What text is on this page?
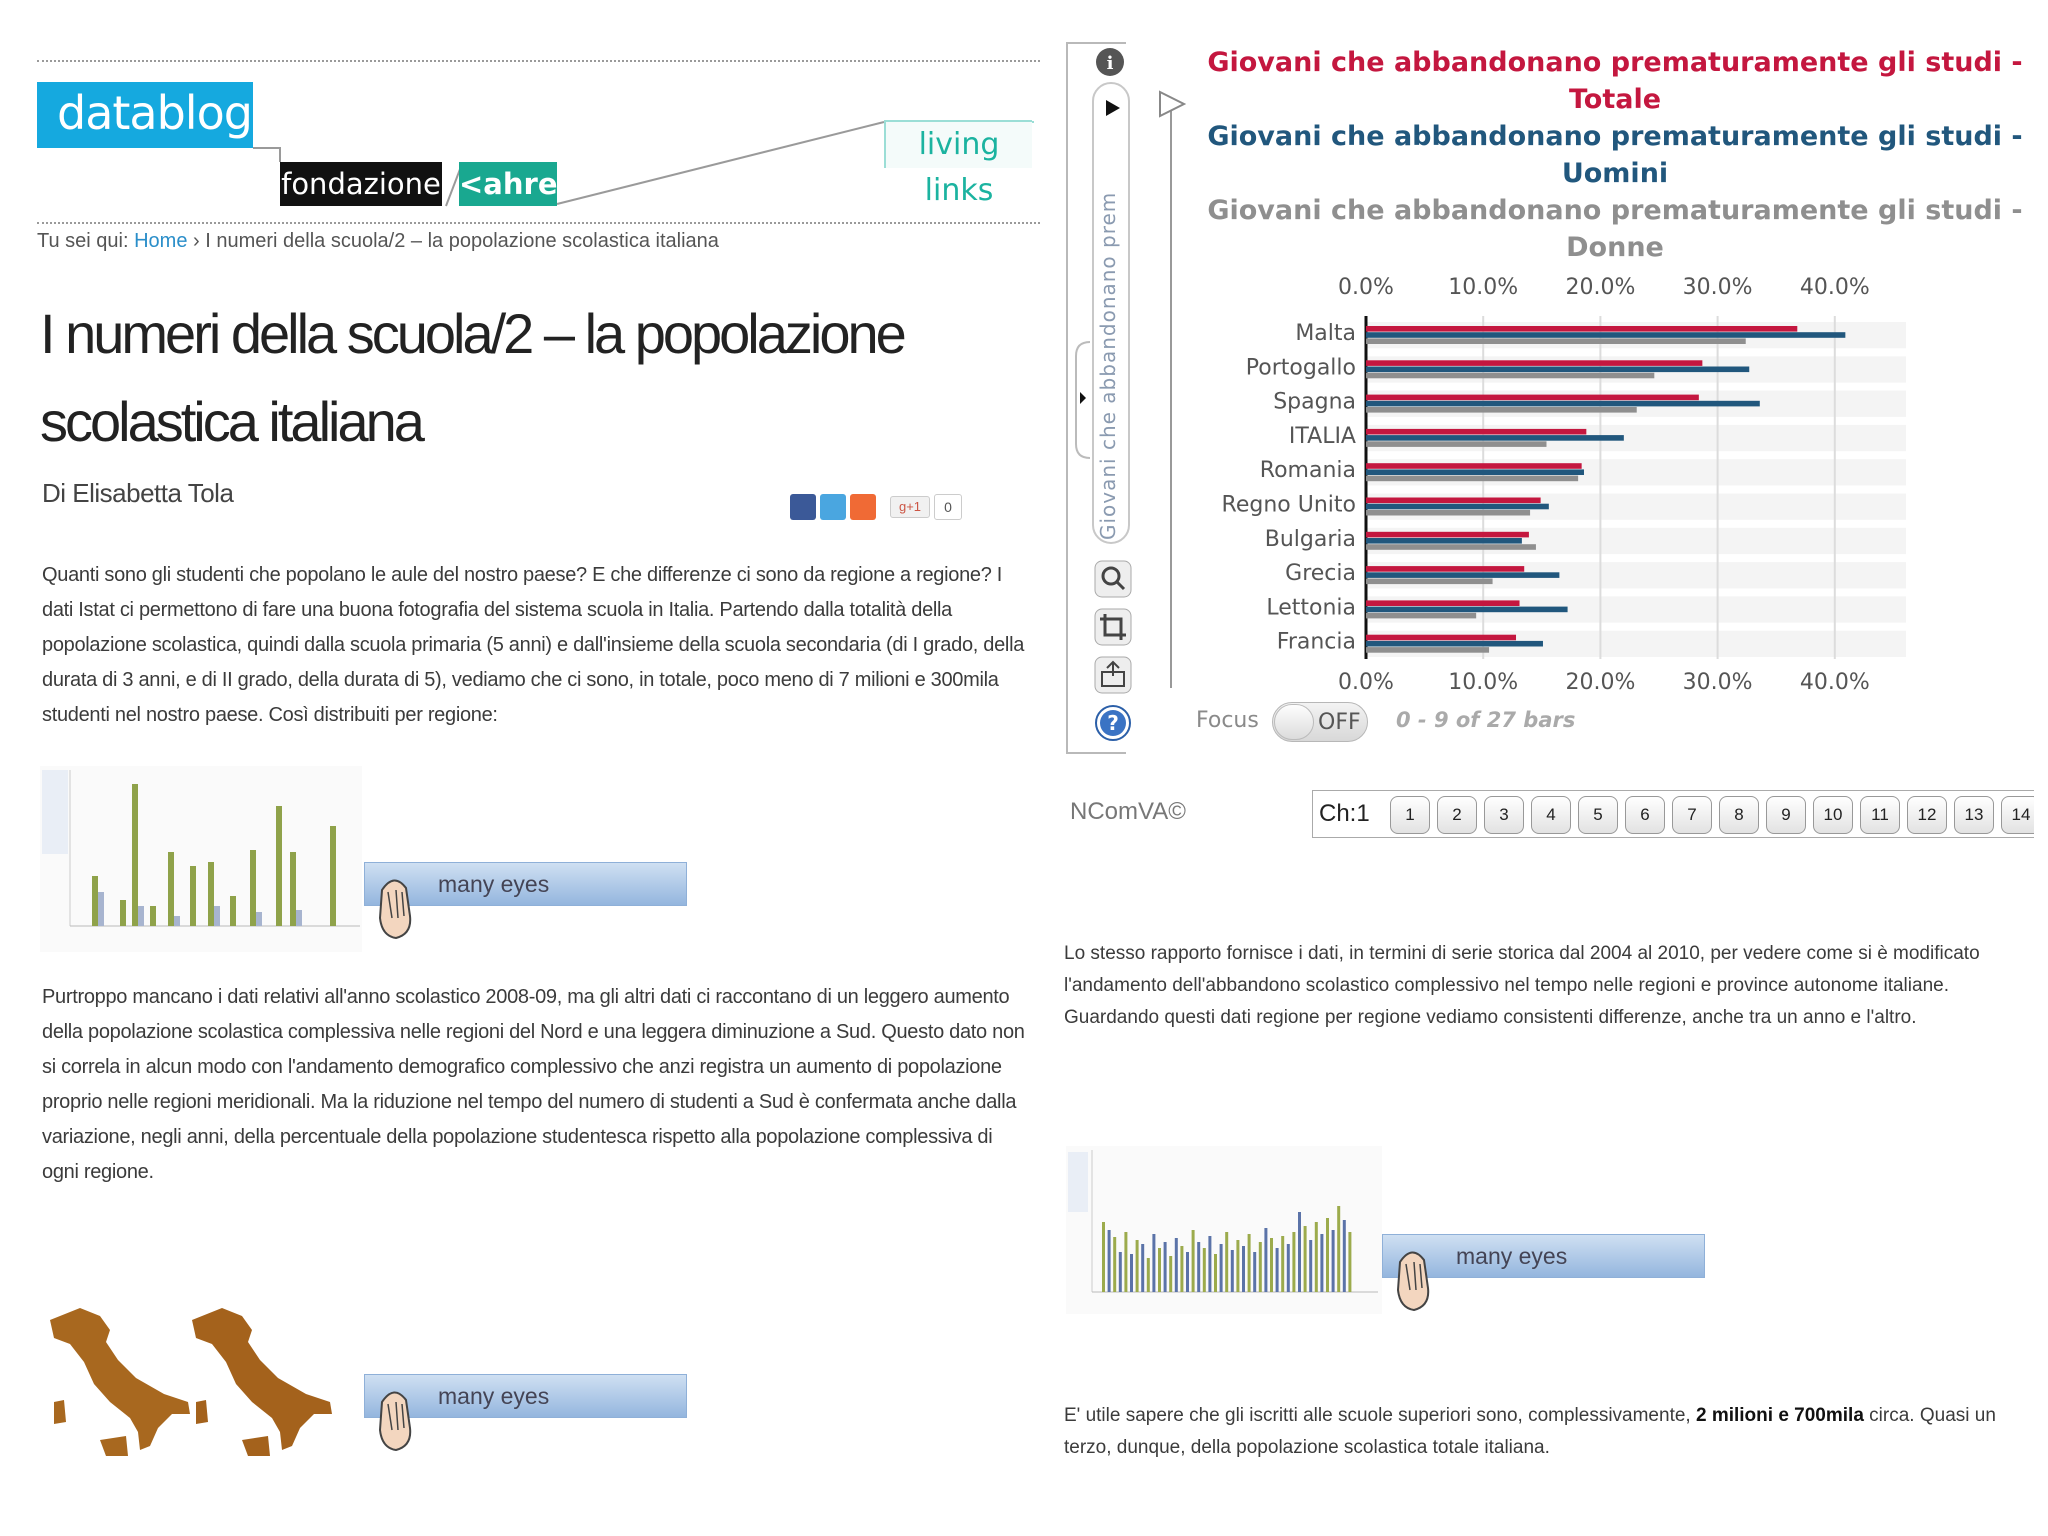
datablog
fondazione <ahref
living links
Tu sei qui: Home › I numeri della scuola/2 – la popolazione scolastica italiana
I numeri della scuola/2 – la popolazione scolastica italiana
Di Elisabetta Tola	g+1	0

Quanti sono gli studenti che popolano le aule del nostro paese? E che differenze ci sono da regione a regione? I dati Istat ci permettono di fare una buona fotografia del sistema scuola in Italia. Partendo dalla totalità della popolazione scolastica, quindi dalla scuola primaria (5 anni) e dall'insieme della scuola secondaria (di I grado, della durata di 3 anni, e di II grado, della durata di 5), vediamo che ci sono, in totale, poco meno di 7 milioni e 300mila studenti nel nostro paese. Così distribuiti per regione:

many eyes

Purtroppo mancano i dati relativi all'anno scolastico 2008-09, ma gli altri dati ci raccontano di un leggero aumento della popolazione scolastica complessiva nelle regioni del Nord e una leggera diminuzione a Sud. Questo dato non si correla in alcun modo con l'andamento demografico complessivo che anzi registra un aumento di popolazione proprio nelle regioni meridionali. Ma la riduzione nel tempo del numero di studenti a Sud è confermata anche dalla variazione, negli anni, della percentuale della popolazione studentesca rispetto alla popolazione complessiva di ogni regione.

many eyes
i
Giovani che abbandonano prem
?
Giovani che abbandonano prematuramente gli studi - Totale
Giovani che abbandonano prematuramente gli studi - Uomini
Giovani che abbandonano prematuramente gli studi - Donne
0.0%
0.0%
10.0%
10.0%
20.0%
20.0%
30.0%
30.0%
40.0%
40.0%
Malta
Portogallo
Spagna
ITALIA
Romania
Regno Unito
Bulgaria
Grecia
Lettonia
Francia
Focus	OFF 0 - 9 of 27 bars
NComVA©	Ch:1	1 2 3 4 5 6 7 8 9 10 11 12 13 14

Lo stesso rapporto fornisce i dati, in termini di serie storica dal 2004 al 2010, per vedere come si è modificato l'andamento dell'abbandono scolastico complessivo nel tempo nelle regioni e province autonome italiane. Guardando questi dati regione per regione vediamo consistenti differenze, anche tra un anno e l'altro.

many eyes

E' utile sapere che gli iscritti alle scuole superiori sono, complessivamente, 2 milioni e 700mila circa. Quasi un terzo, dunque, della popolazione scolastica totale italiana.
